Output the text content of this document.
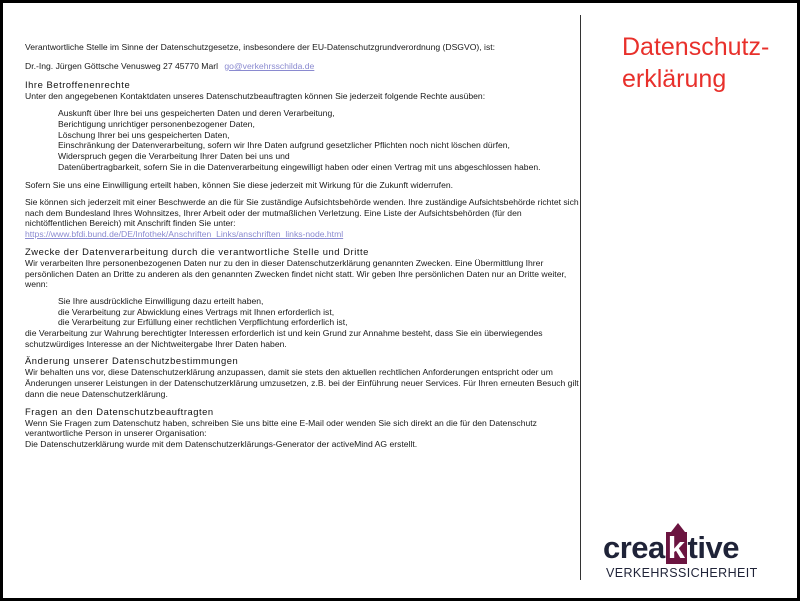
Verantwortliche Stelle im Sinne der Datenschutzgesetze, insbesondere der EU-Datenschutzgrundverordnung (DSGVO), ist:

Dr.-Ing. Jürgen Göttsche Venusweg 27 45770 Marl go@verkehrsschilda.de

Ihre Betroffenenrechte

Unter den angegebenen Kontaktdaten unseres Datenschutzbeauftragten können Sie jederzeit folgende Rechte ausüben:

Auskunft über Ihre bei uns gespeicherten Daten und deren Verarbeitung,
Berichtigung unrichtiger personenbezogener Daten,
Löschung Ihrer bei uns gespeicherten Daten,
Einschränkung der Datenverarbeitung, sofern wir Ihre Daten aufgrund gesetzlicher Pflichten noch nicht löschen dürfen,
Widerspruch gegen die Verarbeitung Ihrer Daten bei uns und
Datenübertragbarkeit, sofern Sie in die Datenverarbeitung eingewilligt haben oder einen Vertrag mit uns abgeschlossen haben.

Sofern Sie uns eine Einwilligung erteilt haben, können Sie diese jederzeit mit Wirkung für die Zukunft widerrufen.

Sie können sich jederzeit mit einer Beschwerde an die für Sie zuständige Aufsichtsbehörde wenden. Ihre zuständige Aufsichtsbehörde richtet sich nach dem Bundesland Ihres Wohnsitzes, Ihrer Arbeit oder der mutmaßlichen Verletzung. Eine Liste der Aufsichtsbehörden (für den nichtöffentlichen Bereich) mit Anschrift finden Sie unter:
https://www.bfdi.bund.de/DE/Infothek/Anschriften_Links/anschriften_links-node.html

Zwecke der Datenverarbeitung durch die verantwortliche Stelle und Dritte

Wir verarbeiten Ihre personenbezogenen Daten nur zu den in dieser Datenschutzerklärung genannten Zwecken. Eine Übermittlung Ihrer persönlichen Daten an Dritte zu anderen als den genannten Zwecken findet nicht statt. Wir geben Ihre persönlichen Daten nur an Dritte weiter, wenn:

Sie Ihre ausdrückliche Einwilligung dazu erteilt haben,
die Verarbeitung zur Abwicklung eines Vertrags mit Ihnen erforderlich ist,
die Verarbeitung zur Erfüllung einer rechtlichen Verpflichtung erforderlich ist,

die Verarbeitung zur Wahrung berechtigter Interessen erforderlich ist und kein Grund zur Annahme besteht, dass Sie ein überwiegendes schutzwürdiges Interesse an der Nichtweitergabe Ihrer Daten haben.

Änderung unserer Datenschutzbestimmungen

Wir behalten uns vor, diese Datenschutzerklärung anzupassen, damit sie stets den aktuellen rechtlichen Anforderungen entspricht oder um Änderungen unserer Leistungen in der Datenschutzerklärung umzusetzen, z.B. bei der Einführung neuer Services. Für Ihren erneuten Besuch gilt dann die neue Datenschutzerklärung.

Fragen an den Datenschutzbeauftragten

Wenn Sie Fragen zum Datenschutz haben, schreiben Sie uns bitte eine E-Mail oder wenden Sie sich direkt an die für den Datenschutz verantwortliche Person in unserer Organisation:

Die Datenschutzerklärung wurde mit dem Datenschutzerklärungs-Generator der activeMind AG erstellt.

Datenschutz-
erklärung
creaktive
VERKEHRSSICHERHEIT
